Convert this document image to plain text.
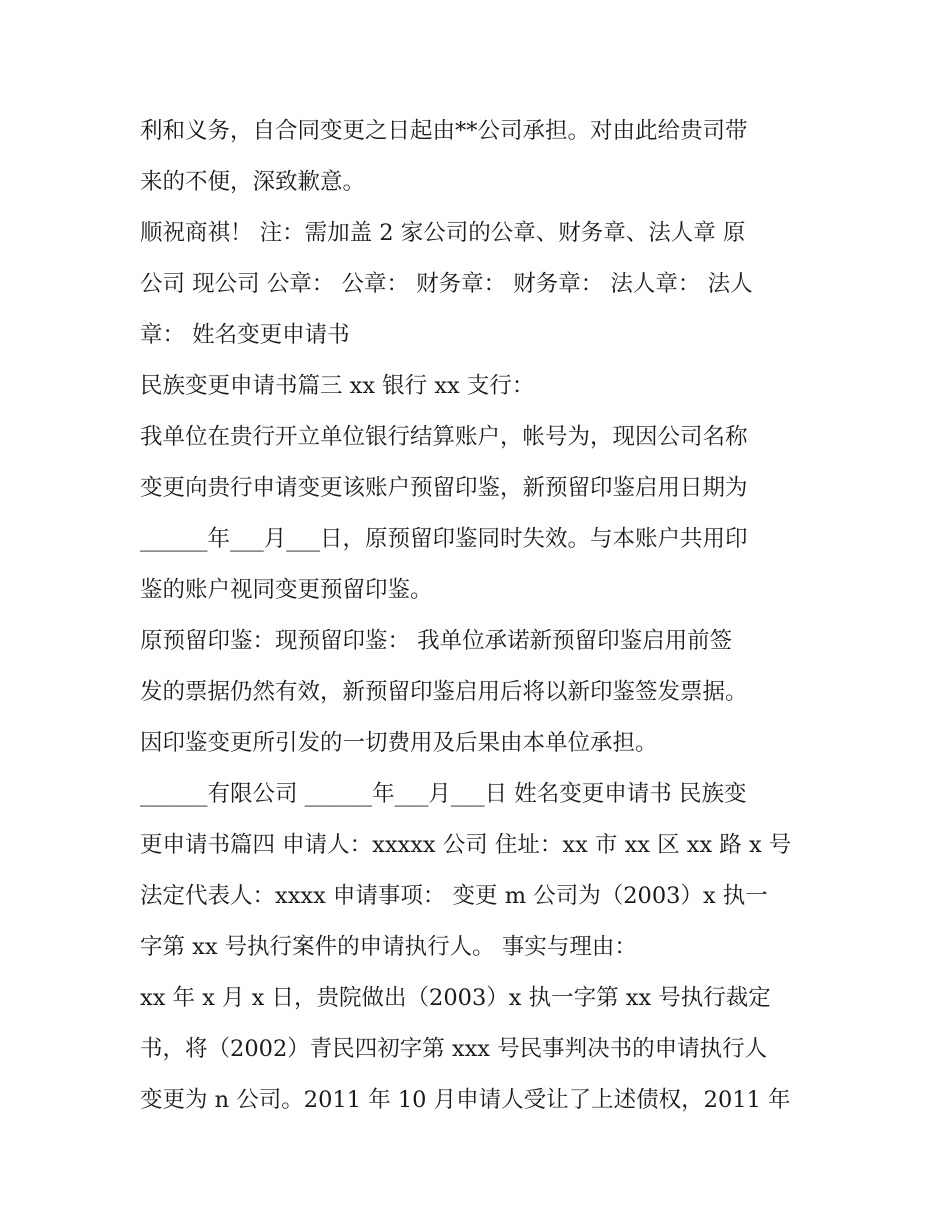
利和义务，自合同变更之日起由**公司承担。对由此给贵司带
来的不便，深致歉意。
顺祝商祺！ 注：需加盖 2 家公司的公章、财务章、法人章 原
公司 现公司 公章： 公章： 财务章： 财务章： 法人章： 法人
章： 姓名变更申请书
民族变更申请书篇三 xx 银行 xx 支行：
我单位在贵行开立单位银行结算账户，帐号为，现因公司名称
变更向贵行申请变更该账户预留印鉴，新预留印鉴启用日期为
______年___月___日，原预留印鉴同时失效。与本账户共用印
鉴的账户视同变更预留印鉴。
原预留印鉴：现预留印鉴： 我单位承诺新预留印鉴启用前签
发的票据仍然有效，新预留印鉴启用后将以新印鉴签发票据。
因印鉴变更所引发的一切费用及后果由本单位承担。
______有限公司 ______年___月___日 姓名变更申请书 民族变
更申请书篇四 申请人：xxxxx 公司 住址：xx 市 xx 区 xx 路 x 号
法定代表人：xxxx 申请事项： 变更 m 公司为（2003）x 执一
字第 xx 号执行案件的申请执行人。 事实与理由：
xx 年 x 月 x 日，贵院做出（2003）x 执一字第 xx 号执行裁定
书，将（2002）青民四初字第 xxx 号民事判决书的申请执行人
变更为 n 公司。2011 年 10 月申请人受让了上述债权，2011 年
